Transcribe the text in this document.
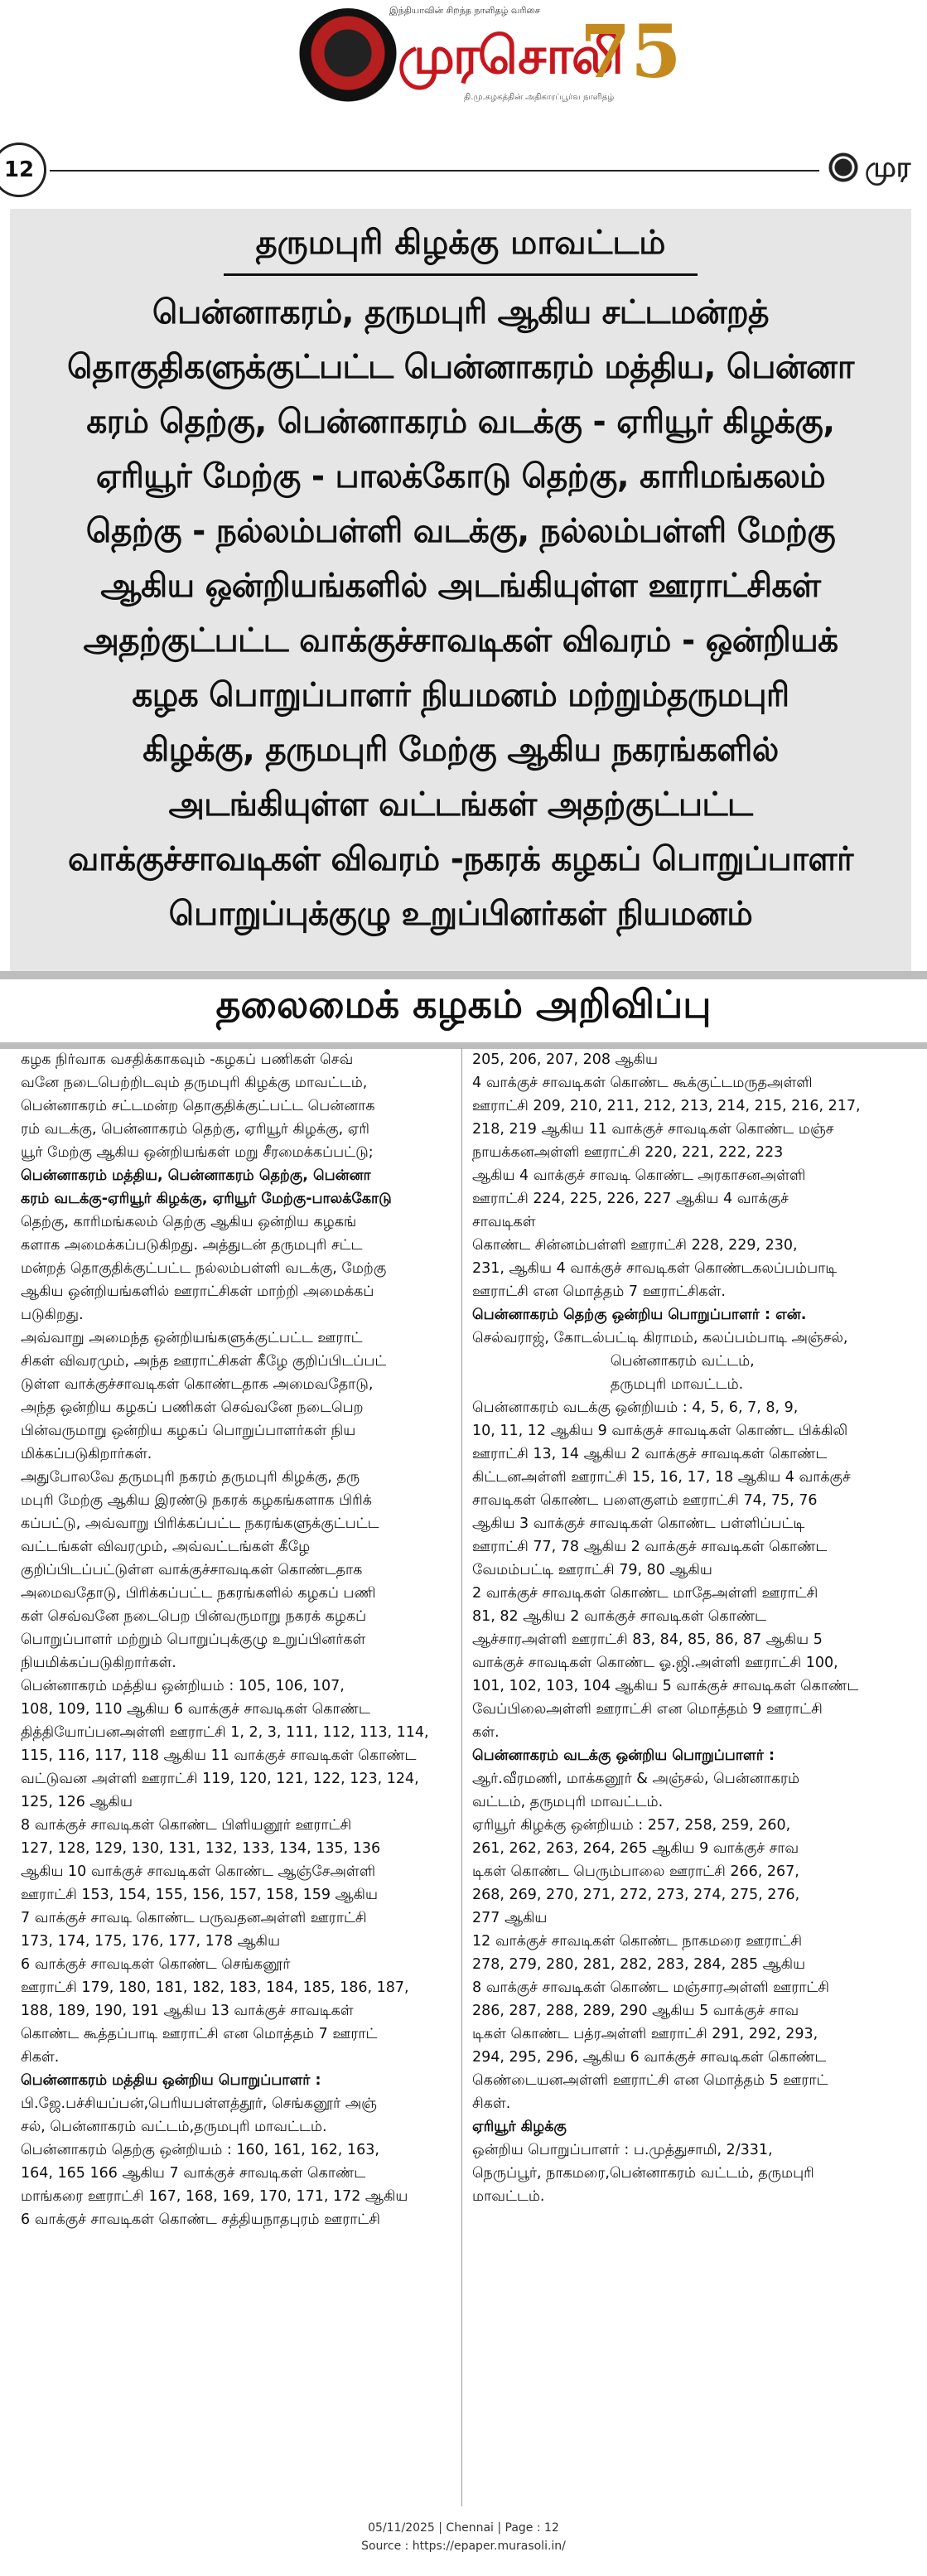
இந்தியாவின் சிறந்த நாளிதழ் வரிசை
முரசொலி
75
தி.மு.கழகத்தின் அதிகாரப்பூர்வ நாளிதழ்
12	முர
தருமபுரி கிழக்கு மாவட்டம்
பென்னாகரம், தருமபுரி ஆகிய சட்டமன்றத்
தொகுதிகளுக்குட்பட்ட பென்னாகரம் மத்திய, பென்னா
கரம் தெற்கு, பென்னாகரம் வடக்கு - ஏரியூர் கிழக்கு,
ஏரியூர் மேற்கு - பாலக்கோடு தெற்கு, காரிமங்கலம்
தெற்கு - நல்லம்பள்ளி வடக்கு, நல்லம்பள்ளி மேற்கு
ஆகிய ஒன்றியங்களில் அடங்கியுள்ள ஊராட்சிகள்
அதற்குட்பட்ட வாக்குச்சாவடிகள் விவரம் - ஒன்றியக்
கழக பொறுப்பாளர் நியமனம் மற்றும்தருமபுரி
கிழக்கு, தருமபுரி மேற்கு ஆகிய நகரங்களில்
அடங்கியுள்ள வட்டங்கள் அதற்குட்பட்ட
வாக்குச்சாவடிகள் விவரம் -நகரக் கழகப் பொறுப்பாளர்
பொறுப்புக்குழு உறுப்பினர்கள் நியமனம்
தலைமைக் கழகம் அறிவிப்பு

கழக நிர்வாக வசதிக்காகவும் -கழகப் பணிகள் செவ்

வனே நடைபெற்றிடவும் தருமபுரி கிழக்கு மாவட்டம்,

பென்னாகரம் சட்டமன்ற தொகுதிக்குட்பட்ட பென்னாக

ரம் வடக்கு, பென்னாகரம் தெற்கு, ஏரியூர் கிழக்கு, ஏரி

யூர் மேற்கு ஆகிய ஒன்றியங்கள் மறு சீரமைக்கப்பட்டு;

பென்னாகரம் மத்திய, பென்னாகரம் தெற்கு, பென்னா

கரம் வடக்கு-ஏரியூர் கிழக்கு, ஏரியூர் மேற்கு-பாலக்கோடு

தெற்கு, காரிமங்கலம் தெற்கு ஆகிய ஒன்றிய கழகங்

களாக அமைக்கப்படுகிறது. அத்துடன் தருமபுரி சட்ட

மன்றத் தொகுதிக்குட்பட்ட நல்லம்பள்ளி வடக்கு, மேற்கு

ஆகிய ஒன்றியங்களில் ஊராட்சிகள் மாற்றி அமைக்கப்

படுகிறது.

அவ்வாறு அமைந்த ஒன்றியங்களுக்குட்பட்ட ஊராட்

சிகள் விவரமும், அந்த ஊராட்சிகள் கீழே குறிப்பிடப்பட்

டுள்ள வாக்குச்சாவடிகள் கொண்டதாக அமைவதோடு,

அந்த ஒன்றிய கழகப் பணிகள் செவ்வனே நடைபெற

பின்வருமாறு ஒன்றிய கழகப் பொறுப்பாளர்கள் நிய

மிக்கப்படுகிறார்கள்.

அதுபோலவே தருமபுரி நகரம் தருமபுரி கிழக்கு, தரு

மபுரி மேற்கு ஆகிய இரண்டு நகரக் கழகங்களாக பிரிக்

கப்பட்டு, அவ்வாறு பிரிக்கப்பட்ட நகரங்களுக்குட்பட்ட

வட்டங்கள் விவரமும், அவ்வட்டங்கள் கீழே

குறிப்பிடப்பட்டுள்ள வாக்குச்சாவடிகள் கொண்டதாக

அமைவதோடு, பிரிக்கப்பட்ட நகரங்களில் கழகப் பணி

கள் செவ்வனே நடைபெற பின்வருமாறு நகரக் கழகப்

பொறுப்பாளர் மற்றும் பொறுப்புக்குழு உறுப்பினர்கள்

நியமிக்கப்படுகிறார்கள்.

பென்னாகரம் மத்திய ஒன்றியம் : 105, 106, 107,

108, 109, 110 ஆகிய 6 வாக்குச் சாவடிகள் கொண்ட

தித்தியோப்பனஅள்ளி ஊராட்சி 1, 2, 3, 111, 112, 113, 114,

115, 116, 117, 118 ஆகிய 11 வாக்குச் சாவடிகள் கொண்ட

வட்டுவன அள்ளி ஊராட்சி 119, 120, 121, 122, 123, 124,

125, 126 ஆகிய

8 வாக்குச் சாவடிகள் கொண்ட பிளியனூர் ஊராட்சி

127, 128, 129, 130, 131, 132, 133, 134, 135, 136

ஆகிய 10 வாக்குச் சாவடிகள் கொண்ட ஆஞ்சேஅள்ளி

ஊராட்சி 153, 154, 155, 156, 157, 158, 159 ஆகிய

7 வாக்குச் சாவடி கொண்ட பருவதனஅள்ளி ஊராட்சி

173, 174, 175, 176, 177, 178 ஆகிய

6 வாக்குச் சாவடிகள் கொண்ட செங்கனூர்

ஊராட்சி 179, 180, 181, 182, 183, 184, 185, 186, 187,

188, 189, 190, 191 ஆகிய 13 வாக்குச் சாவடிகள்

கொண்ட கூத்தப்பாடி ஊராட்சி என மொத்தம் 7 ஊராட்

சிகள்.

பென்னாகரம் மத்திய ஒன்றிய பொறுப்பாளர் :

பி.ஜே.பச்சியப்பன்,பெரியபள்ளத்தூர், செங்கனூர் அஞ்

சல், பென்னாகரம் வட்டம்,தருமபுரி மாவட்டம்.

பென்னாகரம் தெற்கு ஒன்றியம் : 160, 161, 162, 163,

164, 165 166 ஆகிய 7 வாக்குச் சாவடிகள் கொண்ட

மாங்கரை ஊராட்சி 167, 168, 169, 170, 171, 172 ஆகிய

6 வாக்குச் சாவடிகள் கொண்ட சத்தியநாதபுரம் ஊராட்சி

205, 206, 207, 208 ஆகிய

4 வாக்குச் சாவடிகள் கொண்ட கூக்குட்டமருதஅள்ளி

ஊராட்சி 209, 210, 211, 212, 213, 214, 215, 216, 217,

218, 219 ஆகிய 11 வாக்குச் சாவடிகள் கொண்ட மஞ்ச

நாயக்கனஅள்ளி ஊராட்சி 220, 221, 222, 223

ஆகிய 4 வாக்குச் சாவடி கொண்ட அரகாசனஅள்ளி

ஊராட்சி 224, 225, 226, 227 ஆகிய 4 வாக்குச்

சாவடிகள்

கொண்ட சின்னம்பள்ளி ஊராட்சி 228, 229, 230,

231, ஆகிய 4 வாக்குச் சாவடிகள் கொண்டகலப்பம்பாடி

ஊராட்சி என மொத்தம் 7 ஊராட்சிகள்.

பென்னாகரம் தெற்கு ஒன்றிய பொறுப்பாளர் : என்.

செல்வராஜ், கோடல்பட்டி கிராமம், கலப்பம்பாடி அஞ்சல்,

பென்னாகரம் வட்டம்,

தருமபுரி மாவட்டம்.

பென்னாகரம் வடக்கு ஒன்றியம் : 4, 5, 6, 7, 8, 9,

10, 11, 12 ஆகிய 9 வாக்குச் சாவடிகள் கொண்ட பிக்கிலி

ஊராட்சி 13, 14 ஆகிய 2 வாக்குச் சாவடிகள் கொண்ட

கிட்டனஅள்ளி ஊராட்சி 15, 16, 17, 18 ஆகிய 4 வாக்குச்

சாவடிகள் கொண்ட பளைகுளம் ஊராட்சி 74, 75, 76

ஆகிய 3 வாக்குச் சாவடிகள் கொண்ட பள்ளிப்பட்டி

ஊராட்சி 77, 78 ஆகிய 2 வாக்குச் சாவடிகள் கொண்ட

வேமம்பட்டி ஊராட்சி 79, 80 ஆகிய

2 வாக்குச் சாவடிகள் கொண்ட மாதேஅள்ளி ஊராட்சி

81, 82 ஆகிய 2 வாக்குச் சாவடிகள் கொண்ட

ஆச்சாரஅள்ளி ஊராட்சி 83, 84, 85, 86, 87 ஆகிய 5

வாக்குச் சாவடிகள் கொண்ட ஓ.ஜி.அள்ளி ஊராட்சி 100,

101, 102, 103, 104 ஆகிய 5 வாக்குச் சாவடிகள் கொண்ட

வேப்பிலைஅள்ளி ஊராட்சி என மொத்தம் 9 ஊராட்சி

கள்.

பென்னாகரம் வடக்கு ஒன்றிய பொறுப்பாளர் :

ஆர்.வீரமணி, மாக்கனூர் & அஞ்சல், பென்னாகரம்

வட்டம், தருமபுரி மாவட்டம்.

ஏரியூர் கிழக்கு ஒன்றியம் : 257, 258, 259, 260,

261, 262, 263, 264, 265 ஆகிய 9 வாக்குச் சாவ

டிகள் கொண்ட பெரும்பாலை ஊராட்சி 266, 267,

268, 269, 270, 271, 272, 273, 274, 275, 276,

277 ஆகிய

12 வாக்குச் சாவடிகள் கொண்ட நாகமரை ஊராட்சி

278, 279, 280, 281, 282, 283, 284, 285 ஆகிய

8 வாக்குச் சாவடிகள் கொண்ட மஞ்சாரஅள்ளி ஊராட்சி

286, 287, 288, 289, 290 ஆகிய 5 வாக்குச் சாவ

டிகள் கொண்ட பத்ரஅள்ளி ஊராட்சி 291, 292, 293,

294, 295, 296, ஆகிய 6 வாக்குச் சாவடிகள் கொண்ட

கெண்டையனஅள்ளி ஊராட்சி என மொத்தம் 5 ஊராட்

சிகள்.

ஏரியூர் கிழக்கு

ஒன்றிய பொறுப்பாளர் : ப.முத்துசாமி, 2/331,

நெருப்பூர், நாகமரை,பென்னாகரம் வட்டம், தருமபுரி

மாவட்டம்.

05/11/2025 | Chennai | Page : 12
Source : https://epaper.murasoli.in/
